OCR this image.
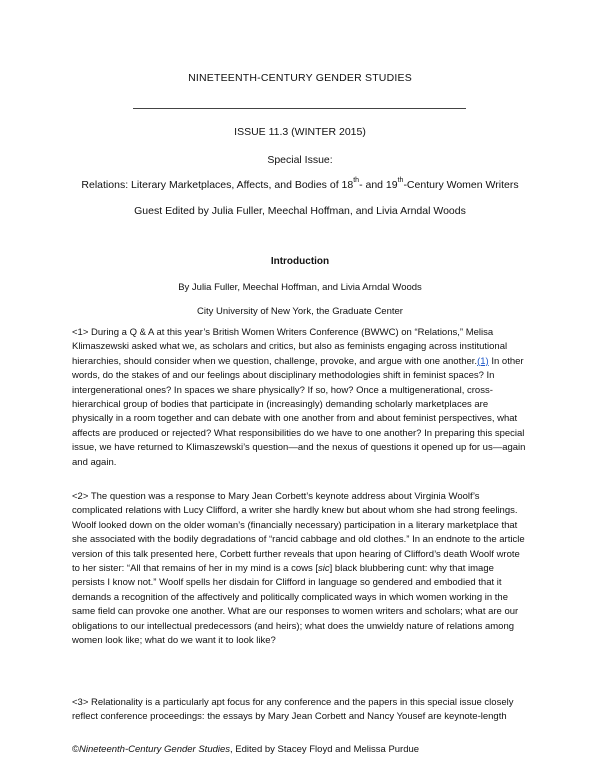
NINETEENTH-CENTURY GENDER STUDIES
ISSUE 11.3 (WINTER 2015)
Special Issue:
Relations: Literary Marketplaces, Affects, and Bodies of 18th- and 19th-Century Women Writers
Guest Edited by Julia Fuller, Meechal Hoffman, and Livia Arndal Woods
Introduction
By Julia Fuller, Meechal Hoffman, and Livia Arndal Woods
City University of New York, the Graduate Center

<1> During a Q & A at this year’s British Women Writers Conference (BWWC) on “Relations,” Melisa Klimaszewski asked what we, as scholars and critics, but also as feminists engaging across institutional hierarchies, should consider when we question, challenge, provoke, and argue with one another.(1) In other words, do the stakes of and our feelings about disciplinary methodologies shift in feminist spaces? In intergenerational ones? In spaces we share physically? If so, how? Once a multigenerational, cross-hierarchical group of bodies that participate in (increasingly) demanding scholarly marketplaces are physically in a room together and can debate with one another from and about feminist perspectives, what affects are produced or rejected? What responsibilities do we have to one another? In preparing this special issue, we have returned to Klimaszewski’s question—and the nexus of questions it opened up for us—again and again.

<2> The question was a response to Mary Jean Corbett’s keynote address about Virginia Woolf’s complicated relations with Lucy Clifford, a writer she hardly knew but about whom she had strong feelings. Woolf looked down on the older woman’s (financially necessary) participation in a literary marketplace that she associated with the bodily degradations of “rancid cabbage and old clothes.” In an endnote to the article version of this talk presented here, Corbett further reveals that upon hearing of Clifford’s death Woolf wrote to her sister: “All that remains of her in my mind is a cows [sic] black blubbering cunt: why that image persists I know not.” Woolf spells her disdain for Clifford in language so gendered and embodied that it demands a recognition of the affectively and politically complicated ways in which women working in the same field can provoke one another. What are our responses to women writers and scholars; what are our obligations to our intellectual predecessors (and heirs); what does the unwieldy nature of relations among women look like; what do we want it to look like?

<3> Relationality is a particularly apt focus for any conference and the papers in this special issue closely reflect conference proceedings: the essays by Mary Jean Corbett and Nancy Yousef are keynote-length

©Nineteenth-Century Gender Studies, Edited by Stacey Floyd and Melissa Purdue
